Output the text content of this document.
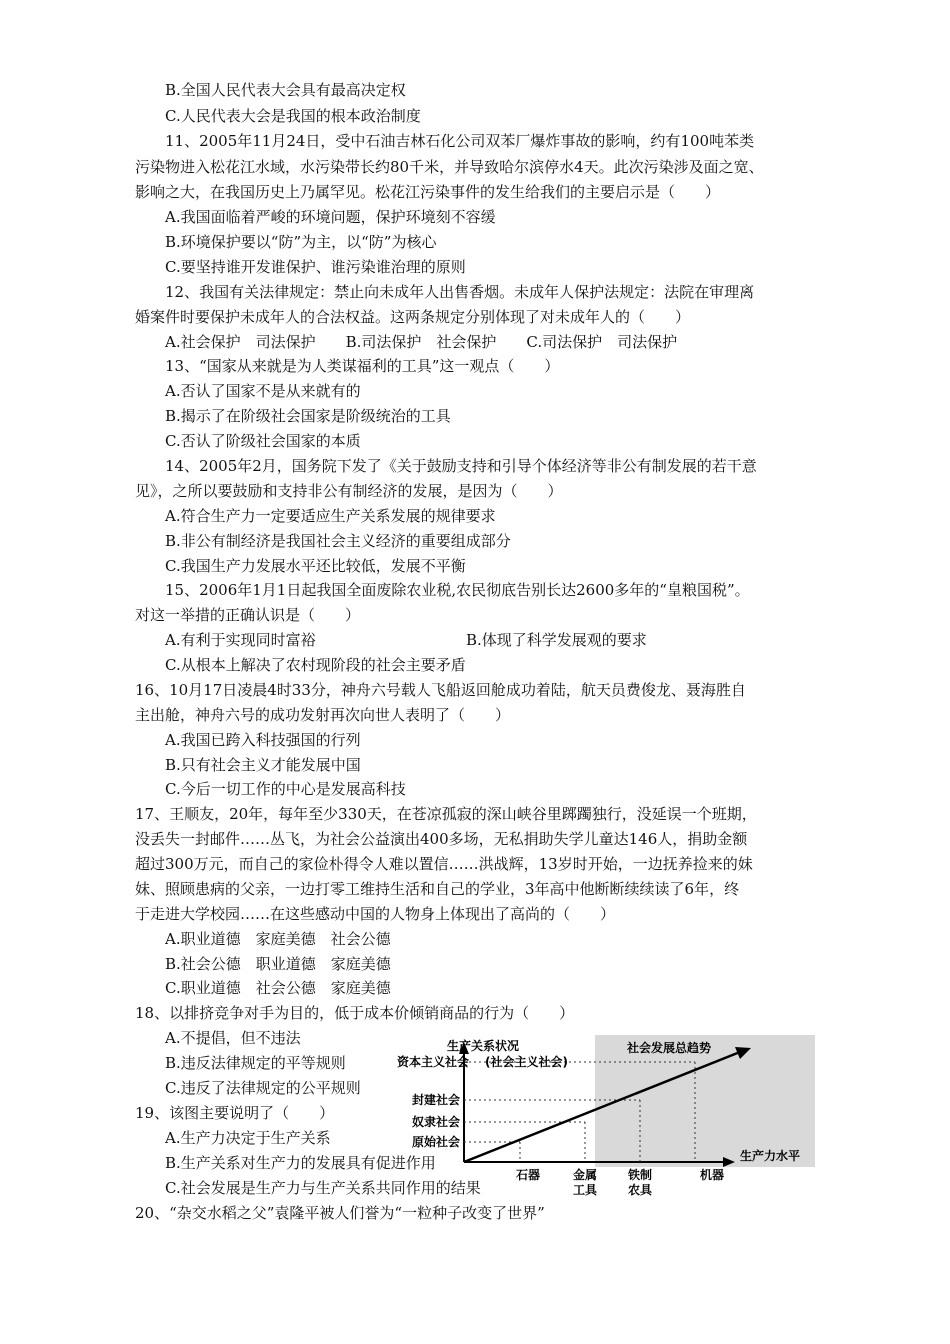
B.全国人民代表大会具有最高决定权
C.人民代表大会是我国的根本政治制度
11、2005年11月24日，受中石油吉林石化公司双苯厂爆炸事故的影响，约有100吨苯类
污染物进入松花江水域，水污染带长约80千米，并导致哈尔滨停水4天。此次污染涉及面之宽、
影响之大，在我国历史上乃属罕见。松花江污染事件的发生给我们的主要启示是（　　）
A.我国面临着严峻的环境问题，保护环境刻不容缓
B.环境保护要以“防”为主，以“防”为核心
C.要坚持谁开发谁保护、谁污染谁治理的原则
12、我国有关法律规定：禁止向未成年人出售香烟。未成年人保护法规定：法院在审理离
婚案件时要保护未成年人的合法权益。这两条规定分别体现了对未成年人的（　　）
A.社会保护　司法保护　　B.司法保护　社会保护　　C.司法保护　司法保护
13、“国家从来就是为人类谋福利的工具”这一观点（　　）
A.否认了国家不是从来就有的
B.揭示了在阶级社会国家是阶级统治的工具
C.否认了阶级社会国家的本质
14、2005年2月，国务院下发了《关于鼓励支持和引导个体经济等非公有制发展的若干意
见》，之所以要鼓励和支持非公有制经济的发展，是因为（　　）
A.符合生产力一定要适应生产关系发展的规律要求
B.非公有制经济是我国社会主义经济的重要组成部分
C.我国生产力发展水平还比较低，发展不平衡
15、2006年1月1日起我国全面废除农业税,农民彻底告别长达2600多年的“皇粮国税”。
对这一举措的正确认识是（　　）
A.有利于实现同时富裕	B.体现了科学发展观的要求
C.从根本上解决了农村现阶段的社会主要矛盾
16、10月17日凌晨4时33分，神舟六号载人飞船返回舱成功着陆，航天员费俊龙、聂海胜自
主出舱，神舟六号的成功发射再次向世人表明了（　　）
A.我国已跨入科技强国的行列
B.只有社会主义才能发展中国
C.今后一切工作的中心是发展高科技
17、王顺友，20年，每年至少330天，在苍凉孤寂的深山峡谷里踯躅独行，没延误一个班期，
没丢失一封邮件……丛飞，为社会公益演出400多场，无私捐助失学儿童达146人，捐助金额
超过300万元，而自己的家俭朴得令人难以置信……洪战辉，13岁时开始，一边抚养捡来的妹
妹、照顾患病的父亲，一边打零工维持生活和自己的学业，3年高中他断断续续读了6年，终
于走进大学校园……在这些感动中国的人物身上体现出了高尚的（　　）
A.职业道德　家庭美德　社会公德
B.社会公德　职业道德　家庭美德
C.职业道德　社会公德　家庭美德
18、以排挤竞争对手为目的，低于成本价倾销商品的行为（　　）
A.不提倡，但不违法
B.违反法律规定的平等规则
C.违反了法律规定的公平规则
19、该图主要说明了（　　）
A.生产力决定于生产关系
B.生产关系对生产力的发展具有促进作用
C.社会发展是生产力与生产关系共同作用的结果
20、“杂交水稻之父”袁隆平被人们誉为“一粒种子改变了世界”
生产关系状况
资本主义社会 (社会主义社会)
社会发展总趋势
封建社会
奴隶社会
原始社会
生产力水平
石器	金属
工具
铁制
农具
机器
